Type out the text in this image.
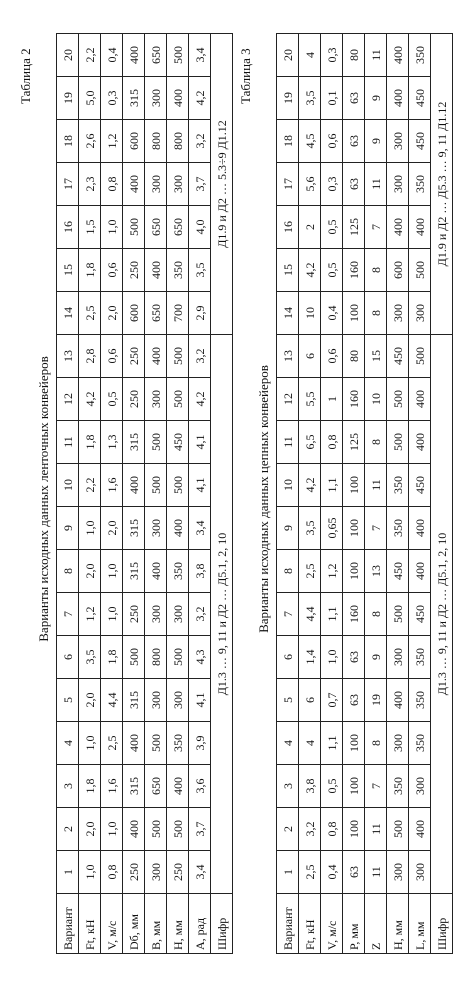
Таблица 2
Варианты исходных данных ленточных конвейеров
Вариант	1	2	3	4	5	6	7	8	9	10	11	12	13	14	15	16	17	18	19	20
Ft, кН	1,0	2,0	1,8	1,0	2,0	3,5	1,2	2,0	1,0	2,2	1,8	4,2	2,8	2,5	1,8	1,5	2,3	2,6	5,0	2,2
V, м/с	0,8	1,0	1,6	2,5	4,4	1,8	1,0	1,0	2,0	1,6	1,3	0,5	0,6	2,0	0,6	1,0	0,8	1,2	0,3	0,4
Dб, мм	250	400	315	400	315	500	250	315	315	400	315	250	250	600	250	500	400	600	315	400
B, мм	300	500	650	500	300	800	300	400	300	500	500	300	400	650	400	650	300	800	300	650
H, мм	250	500	400	350	300	500	300	350	400	500	450	500	500	700	350	650	300	800	400	500
A, рад	3,4	3,7	3,6	3,9	4,1	4,3	3,2	3,8	3,4	4,1	4,1	4,2	3,2	2,9	3,5	4,0	3,7	3,2	4,2	3,4
Шифр	Д1.3 … 9, 11 и Д2 … Д5.1, 2, 10													Д1.9 и Д2 … 5.3÷9 Д1.12						
Таблица 3
Варианты исходных данных цепных конвейеров
Вариант	1	2	3	4	5	6	7	8	9	10	11	12	13	14	15	16	17	18	19	20
Ft, кН	2,5	3,2	3,8	4	6	1,4	4,4	2,5	3,5	4,2	6,5	5,5	6	10	4,2	2	5,6	4,5	3,5	4
V, м/с	0,4	0,8	0,5	1,1	0,7	1,0	1,1	1,2	0,65	1,1	0,8	1	0,6	0,4	0,5	0,5	0,3	0,6	0,1	0,3
P, мм	63	100	100	100	63	63	160	100	100	100	125	160	80	100	160	125	63	63	63	80
Z	11	11	7	8	19	9	8	13	7	11	8	10	15	8	8	7	11	9	9	11
H, мм	300	500	350	300	400	300	500	450	350	350	500	500	450	300	600	400	300	300	400	400
L, мм	300	400	300	350	350	350	450	400	400	450	400	400	500	300	500	400	350	450	450	350
Шифр	Д1.3 … 9, 11 и Д2 … Д5.1, 2, 10													Д1.9 и Д2 … Д5.3 … 9, 11 Д1.12						
